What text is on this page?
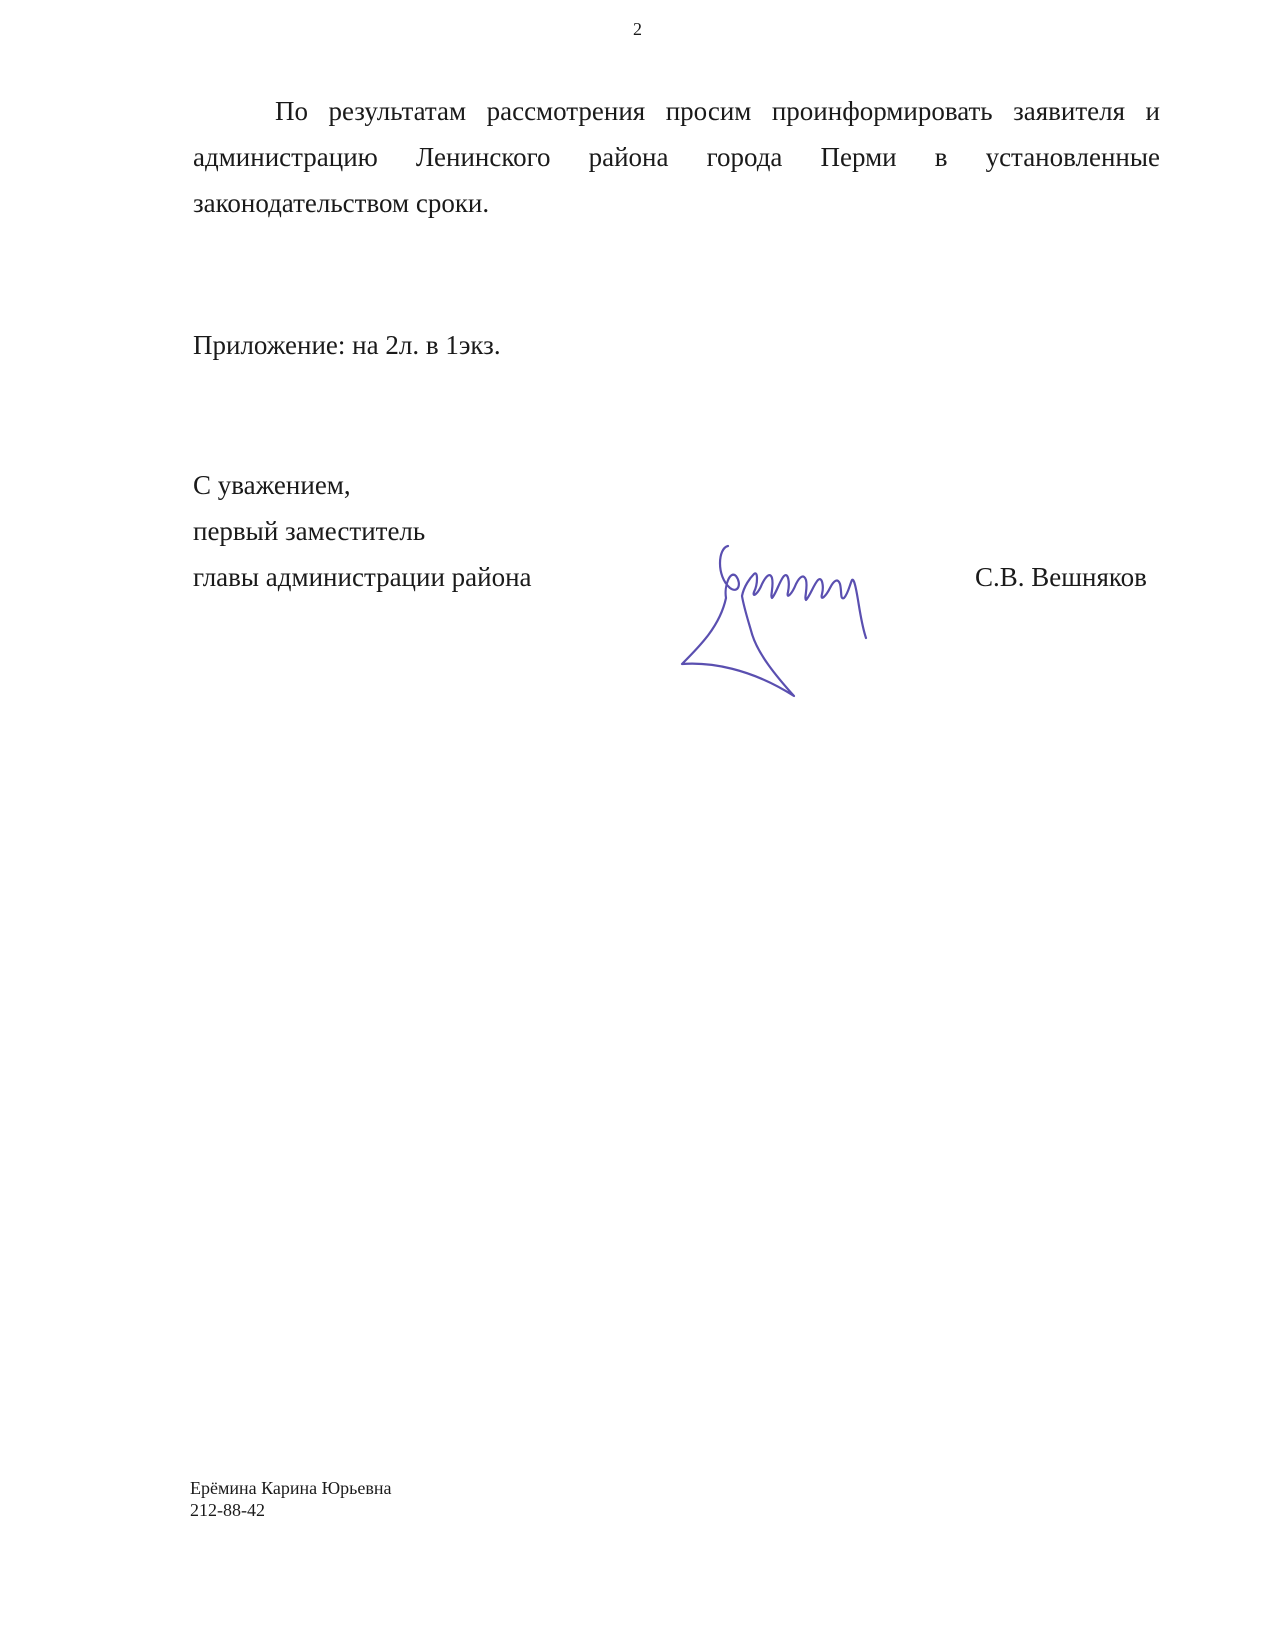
2

По результатам рассмотрения просим проинформировать заявителя и администрацию Ленинского района города Перми в установленные законодательством сроки.

Приложение: на 2л. в 1экз.

С уважением,
первый заместитель
главы администрации района	С.В. Вешняков
Ерёмина Карина Юрьевна
212-88-42
